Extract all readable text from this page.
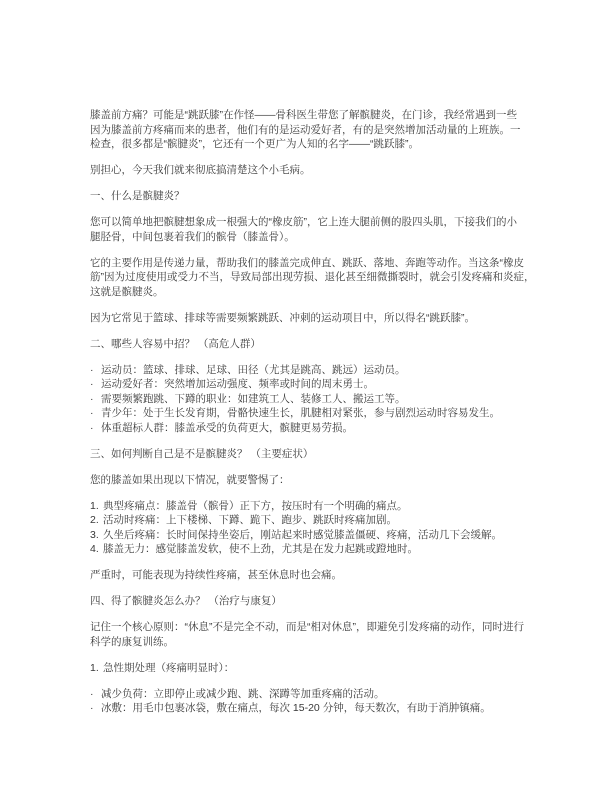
膝盖前方痛？可能是“跳跃膝”在作怪——骨科医生带您了解髌腱炎，在门诊，我经常遇到一些
因为膝盖前方疼痛而来的患者，他们有的是运动爱好者，有的是突然增加活动量的上班族。一
检查，很多都是“髌腱炎”，它还有一个更广为人知的名字——“跳跃膝”。

别担心，今天我们就来彻底搞清楚这个小毛病。

一、什么是髌腱炎？

您可以简单地把髌腱想象成一根强大的“橡皮筋”，它上连大腿前侧的股四头肌，下接我们的小
腿胫骨，中间包裹着我们的髌骨（膝盖骨）。

它的主要作用是传递力量，帮助我们的膝盖完成伸直、跳跃、落地、奔跑等动作。当这条“橡皮
筋”因为过度使用或受力不当，导致局部出现劳损、退化甚至细微撕裂时，就会引发疼痛和炎症，
这就是髌腱炎。

因为它常见于篮球、排球等需要频繁跳跃、冲刺的运动项目中，所以得名“跳跃膝”。

二、哪些人容易中招？ （高危人群）

· 运动员：篮球、排球、足球、田径（尤其是跳高、跳远）运动员。
· 运动爱好者：突然增加运动强度、频率或时间的周末勇士。
· 需要频繁跑跳、下蹲的职业：如建筑工人、装修工人、搬运工等。
· 青少年：处于生长发育期，骨骼快速生长，肌腱相对紧张，参与剧烈运动时容易发生。
· 体重超标人群：膝盖承受的负荷更大，髌腱更易劳损。

三、如何判断自己是不是髌腱炎？ （主要症状）

您的膝盖如果出现以下情况，就要警惕了：

1. 典型疼痛点：膝盖骨（髌骨）正下方，按压时有一个明确的痛点。
2. 活动时疼痛：上下楼梯、下蹲、跪下、跑步、跳跃时疼痛加剧。
3. 久坐后疼痛：长时间保持坐姿后，刚站起来时感觉膝盖僵硬、疼痛，活动几下会缓解。
4. 膝盖无力：感觉膝盖发软，使不上劲，尤其是在发力起跳或蹬地时。

严重时，可能表现为持续性疼痛，甚至休息时也会痛。

四、得了髌腱炎怎么办？ （治疗与康复）

记住一个核心原则：“休息”不是完全不动，而是“相对休息”，即避免引发疼痛的动作，同时进行
科学的康复训练。

1. 急性期处理（疼痛明显时）：
· 减少负荷：立即停止或减少跑、跳、深蹲等加重疼痛的活动。
· 冰敷：用毛巾包裹冰袋，敷在痛点，每次 15-20 分钟，每天数次，有助于消肿镇痛。
